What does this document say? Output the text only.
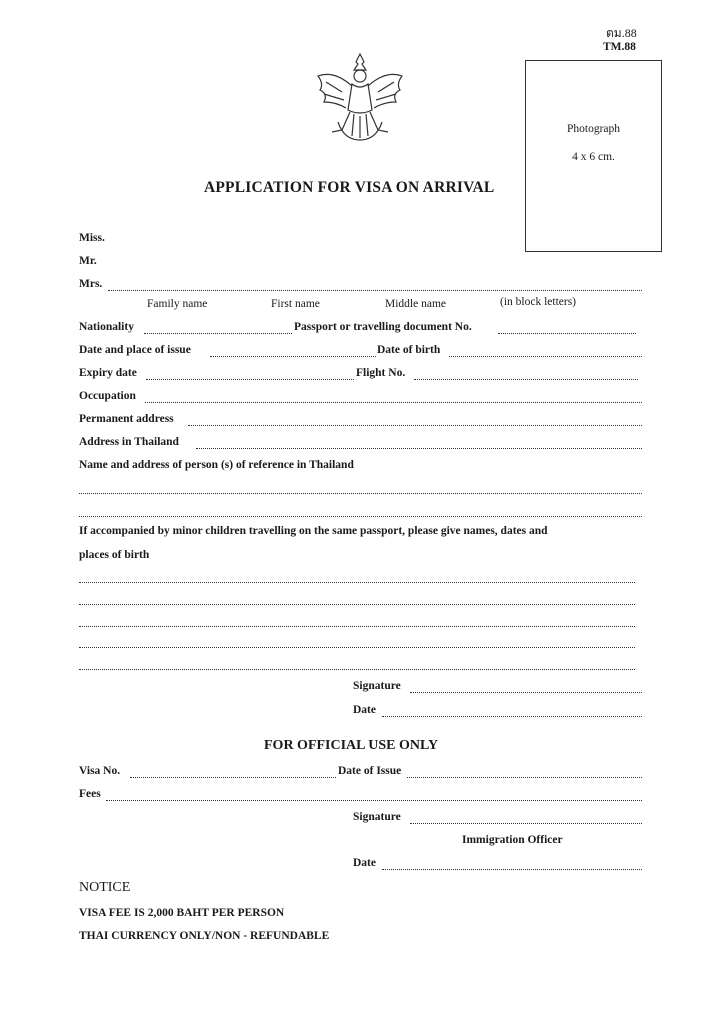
ตม.88
TM.88
Photograph
4 x 6 cm.
APPLICATION FOR VISA ON ARRIVAL
Miss.
Mr.
Mrs.
Family name	First name	Middle name	(in block letters)
Nationality	Passport or travelling document No.
Date and place of issue	Date of birth
Expiry date	Flight No.
Occupation
Permanent address
Address in Thailand
Name and address of person (s) of reference in Thailand
If accompanied by minor children travelling on the same passport, please give names, dates and
places of birth
Signature
Date
FOR OFFICIAL USE ONLY
Visa No.	Date of Issue
Fees
Signature
Immigration Officer
Date
NOTICE
VISA FEE IS 2,000 BAHT PER PERSON
THAI CURRENCY ONLY/NON - REFUNDABLE
